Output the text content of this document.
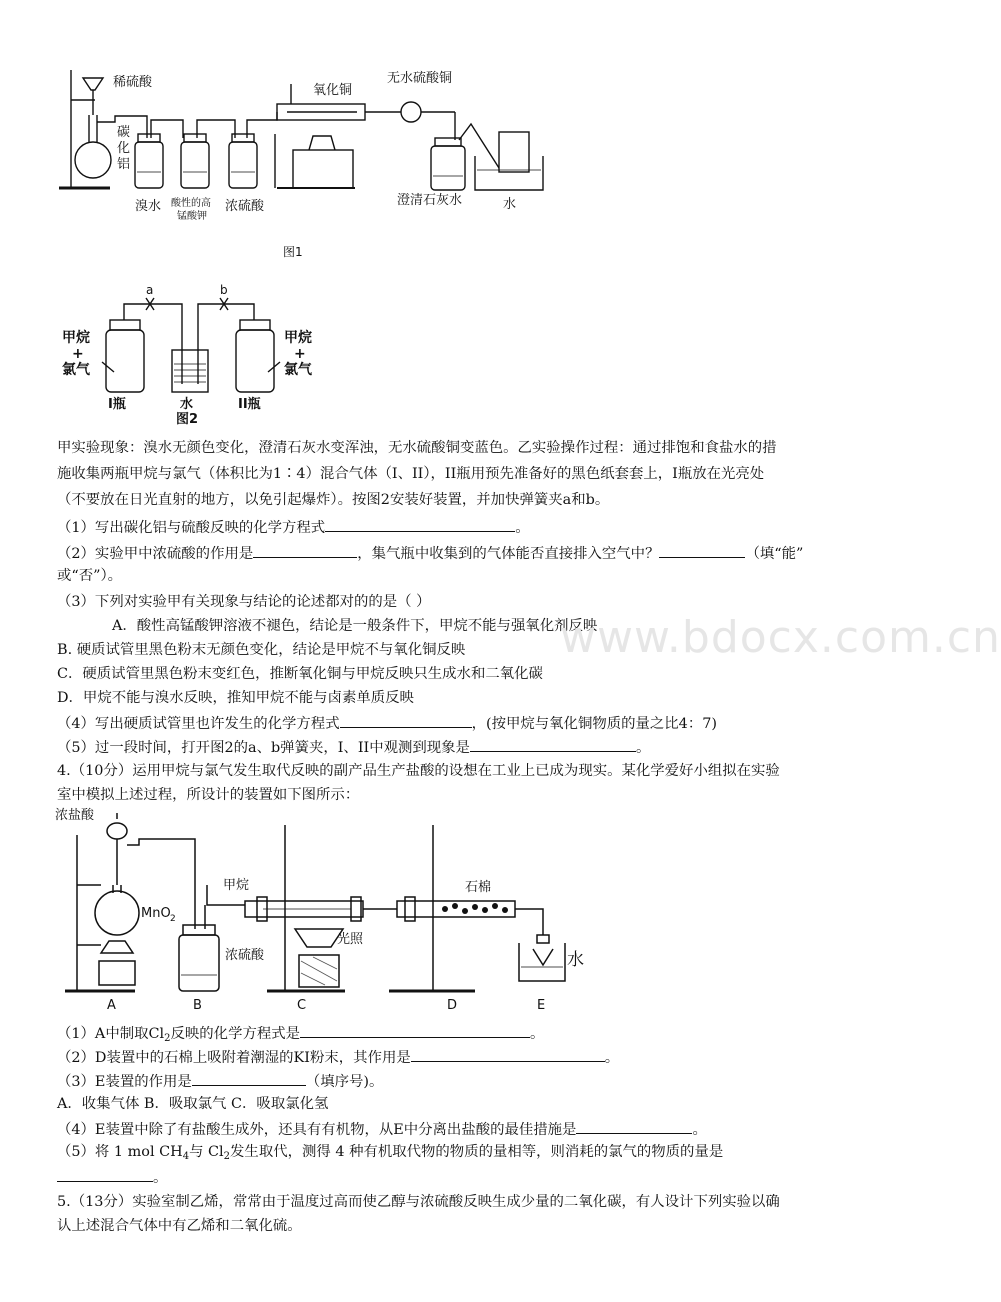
稀硫酸
碳
化
铝
氧化铜
无水硫酸铜
溴水 酸性的高
锰酸钾
浓硫酸	澄清石灰水	水
图1
a	b
甲烷
+
氯气
甲烷
+
氯气
I瓶	水	II瓶
图2
甲实验现象：溴水无颜色变化，澄清石灰水变浑浊，无水硫酸铜变蓝色。乙实验操作过程：通过排饱和食盐水的措
施收集两瓶甲烷与氯气（体积比为1∶4）混合气体（I、II），II瓶用预先准备好的黑色纸套套上，I瓶放在光亮处
（不要放在日光直射的地方，以免引起爆炸）。按图2安装好装置，并加快弹簧夹a和b。
（1）写出碳化铝与硫酸反映的化学方程式	。
（2）实验甲中浓硫酸的作用是	，集气瓶中收集到的气体能否直接排入空气中？	（填“能”
或“否”）。
（3）下列对实验甲有关现象与结论的论述都对的的是（ ）
A．酸性高锰酸钾溶液不褪色，结论是一般条件下，甲烷不能与强氧化剂反映
B. 硬质试管里黑色粉末无颜色变化，结论是甲烷不与氧化铜反映
C．硬质试管里黑色粉末变红色，推断氧化铜与甲烷反映只生成水和二氧化碳
D．甲烷不能与溴水反映，推知甲烷不能与卤素单质反映
（4）写出硬质试管里也许发生的化学方程式	，(按甲烷与氧化铜物质的量之比4：7)
（5）过一段时间，打开图2的a、b弹簧夹，I、II中观测到现象是	。
4.（10分）运用甲烷与氯气发生取代反映的副产品生产盐酸的设想在工业上已成为现实。某化学爱好小组拟在实验
室中模拟上述过程，所设计的装置如下图所示：
浓盐酸
甲烷
MnO 2
浓硫酸
光照
石棉
水
A	B	C	D	E
（1）A中制取$Cl_2$反映的化学方程式是	。
（2）D装置中的石棉上吸附着潮湿的KI粉末，其作用是	。
（3）E装置的作用是	（填序号)。
A．收集气体 B．吸取氯气 C．吸取氯化氢
（4）E装置中除了有盐酸生成外，还具有有机物，从E中分离出盐酸的最佳措施是	。
（5）将 1 mol $CH_4$与 $Cl_2$发生取代，测得 4 种有机取代物的物质的量相等，则消耗的氯气的物质的量是
。
5.（13分）实验室制乙烯，常常由于温度过高而使乙醇与浓硫酸反映生成少量的二氧化碳，有人设计下列实验以确
认上述混合气体中有乙烯和二氧化硫。
www.bdocx.com.cn
